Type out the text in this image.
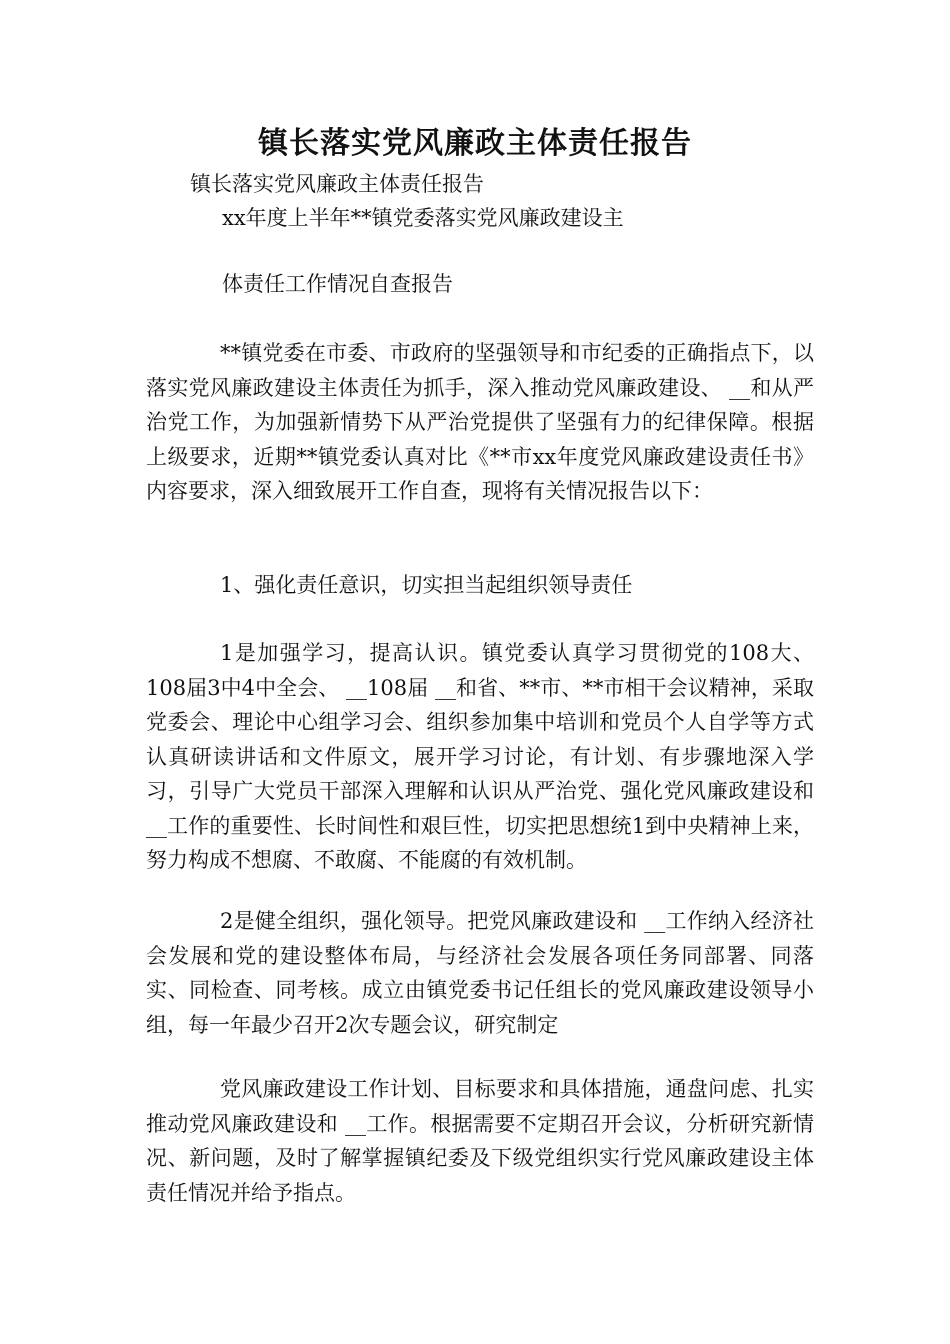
镇长落实党风廉政主体责任报告

镇长落实党风廉政主体责任报告

xx年度上半年**镇党委落实党风廉政建设主

体责任工作情况自查报告

**镇党委在市委、市政府的坚强领导和市纪委的正确指点下，以落实党风廉政建设主体责任为抓手，深入推动党风廉政建设、 __和从严治党工作，为加强新情势下从严治党提供了坚强有力的纪律保障。根据上级要求，近期**镇党委认真对比《**市xx年度党风廉政建设责任书》内容要求，深入细致展开工作自查，现将有关情况报告以下：

1、强化责任意识，切实担当起组织领导责任

1是加强学习，提高认识。镇党委认真学习贯彻党的108大、108届3中4中全会、 __108届 __和省、**市、**市相干会议精神，采取党委会、理论中心组学习会、组织参加集中培训和党员个人自学等方式认真研读讲话和文件原文，展开学习讨论，有计划、有步骤地深入学习，引导广大党员干部深入理解和认识从严治党、强化党风廉政建设和 __工作的重要性、长时间性和艰巨性，切实把思想统1到中央精神上来，努力构成不想腐、不敢腐、不能腐的有效机制。

2是健全组织，强化领导。把党风廉政建设和 __工作纳入经济社会发展和党的建设整体布局，与经济社会发展各项任务同部署、同落实、同检查、同考核。成立由镇党委书记任组长的党风廉政建设领导小组，每一年最少召开2次专题会议，研究制定

党风廉政建设工作计划、目标要求和具体措施，通盘问虑、扎实推动党风廉政建设和 __工作。根据需要不定期召开会议，分析研究新情况、新问题，及时了解掌握镇纪委及下级党组织实行党风廉政建设主体责任情况并给予指点。
